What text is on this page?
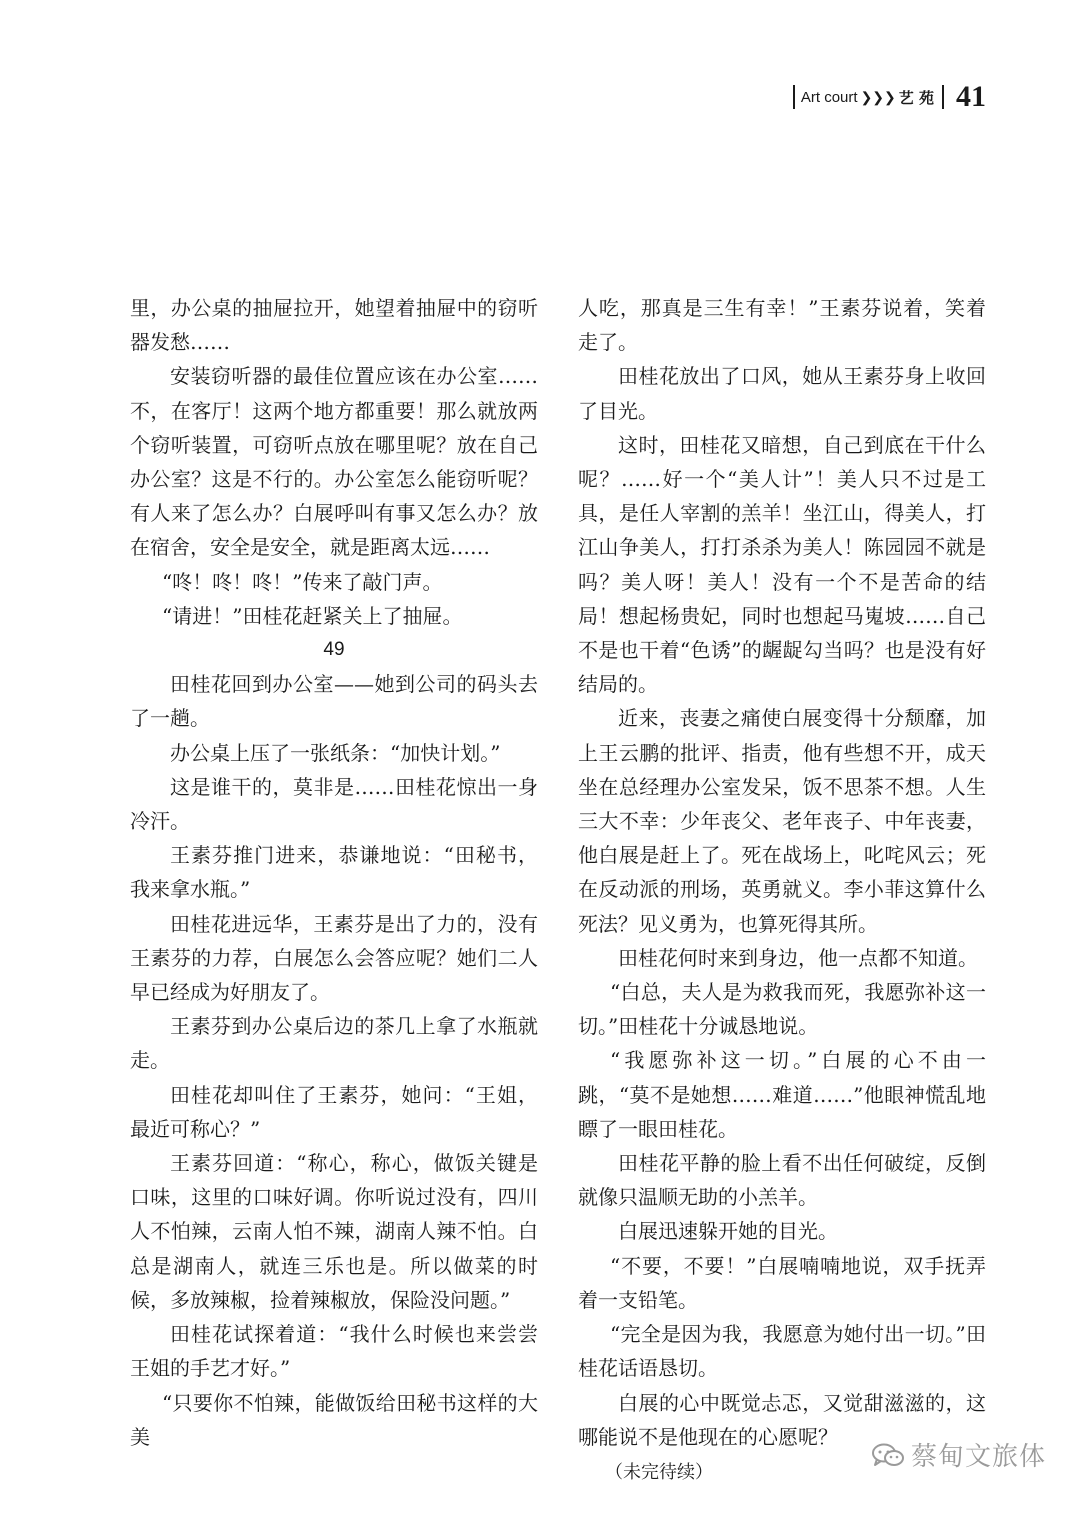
Art court ❯❯❯ 艺 苑 41

里，办公桌的抽屉拉开，她望着抽屉中的窃听器发愁……

安装窃听器的最佳位置应该在办公室……不，在客厅！这两个地方都重要！那么就放两个窃听装置，可窃听点放在哪里呢？放在自己办公室？这是不行的。办公室怎么能窃听呢？有人来了怎么办？白展呼叫有事又怎么办？放在宿舍，安全是安全，就是距离太远……

“咚！咚！咚！”传来了敲门声。

“请进！”田桂花赶紧关上了抽屉。

49

田桂花回到办公室——她到公司的码头去了一趟。

办公桌上压了一张纸条：“加快计划。”

这是谁干的，莫非是……田桂花惊出一身冷汗。

王素芬推门进来，恭谦地说：“田秘书，我来拿水瓶。”

田桂花进远华，王素芬是出了力的，没有王素芬的力荐，白展怎么会答应呢？她们二人早已经成为好朋友了。

王素芬到办公桌后边的茶几上拿了水瓶就走。

田桂花却叫住了王素芬，她问：“王姐，最近可称心？”

王素芬回道：“称心，称心，做饭关键是口味，这里的口味好调。你听说过没有，四川人不怕辣，云南人怕不辣，湖南人辣不怕。白总是湖南人，就连三乐也是。所以做菜的时候，多放辣椒，捡着辣椒放，保险没问题。”

田桂花试探着道：“我什么时候也来尝尝王姐的手艺才好。”

“只要你不怕辣，能做饭给田秘书这样的大美

人吃，那真是三生有幸！”王素芬说着，笑着走了。

田桂花放出了口风，她从王素芬身上收回了目光。

这时，田桂花又暗想，自己到底在干什么呢？……好一个“美人计”！美人只不过是工具，是任人宰割的羔羊！坐江山，得美人，打江山争美人，打打杀杀为美人！陈园园不就是吗？美人呀！美人！没有一个不是苦命的结局！想起杨贵妃，同时也想起马嵬坡……自己不是也干着“色诱”的龌龊勾当吗？也是没有好结局的。

近来，丧妻之痛使白展变得十分颓靡，加上王云鹏的批评、指责，他有些想不开，成天坐在总经理办公室发呆，饭不思茶不想。人生三大不幸：少年丧父、老年丧子、中年丧妻，他白展是赶上了。死在战场上，叱咤风云；死在反动派的刑场，英勇就义。李小菲这算什么死法？见义勇为，也算死得其所。

田桂花何时来到身边，他一点都不知道。

“白总，夫人是为救我而死，我愿弥补这一切。”田桂花十分诚恳地说。

“我愿弥补这一切。”白展的心不由一跳，“莫不是她想……难道……”他眼神慌乱地瞟了一眼田桂花。

田桂花平静的脸上看不出任何破绽，反倒就像只温顺无助的小羔羊。

白展迅速躲开她的目光。

“不要，不要！”白展喃喃地说，双手抚弄着一支铅笔。

“完全是因为我，我愿意为她付出一切。”田桂花话语恳切。

白展的心中既觉忐忑，又觉甜滋滋的，这哪能说不是他现在的心愿呢？

（未完待续）

蔡甸文旅体
